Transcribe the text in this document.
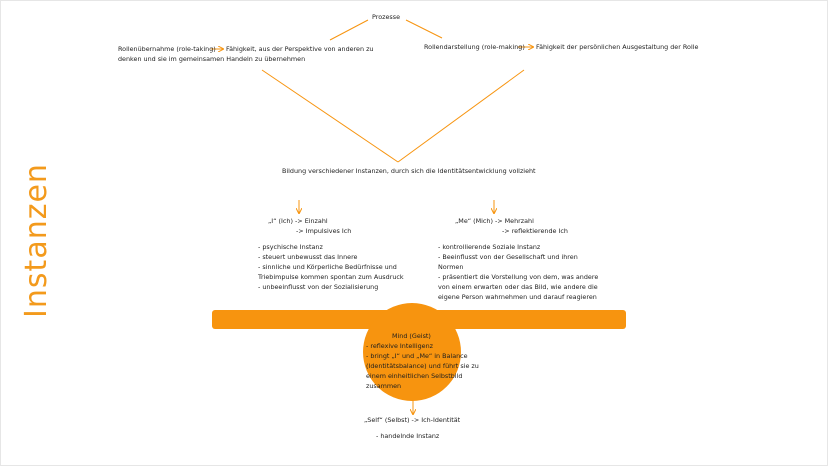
Instanzen
Prozesse
Rollenübernahme (role-taking) Fähigkeit, aus der Perspektive von anderen zu
denken und sie im gemeinsamen Handeln zu übernehmen
Rollendarstellung (role-making) Fähigkeit der persönlichen Ausgestaltung der Rolle
Bildung verschiedener Instanzen, durch sich die Identitätsentwicklung vollzieht
„I“ (Ich) -> Einzahl
-> Impulsives Ich
- psychische Instanz
- steuert unbewusst das Innere
- sinnliche und Körperliche Bedürfnisse und
Triebimpulse kommen spontan zum Ausdruck
- unbeeinflusst von der Sozialisierung
„Me“ (Mich) -> Mehrzahl
-> reflektierende Ich
- kontrollierende Soziale Instanz
- Beeinflusst von der Gesellschaft und ihren
Normen
- präsentiert die Vorstellung von dem, was andere
von einem erwarten oder das Bild, wie andere die
eigene Person wahrnehmen und darauf reagieren
Mind (Geist)
- reflexive Intelligenz
- bringt „I“ und „Me“ in Balance
(Identitätsbalance) und führt sie zu
einem einheitlichen Selbstbild
zusammen
„Self“ (Selbst) -> Ich-Identität
- handelnde Instanz
